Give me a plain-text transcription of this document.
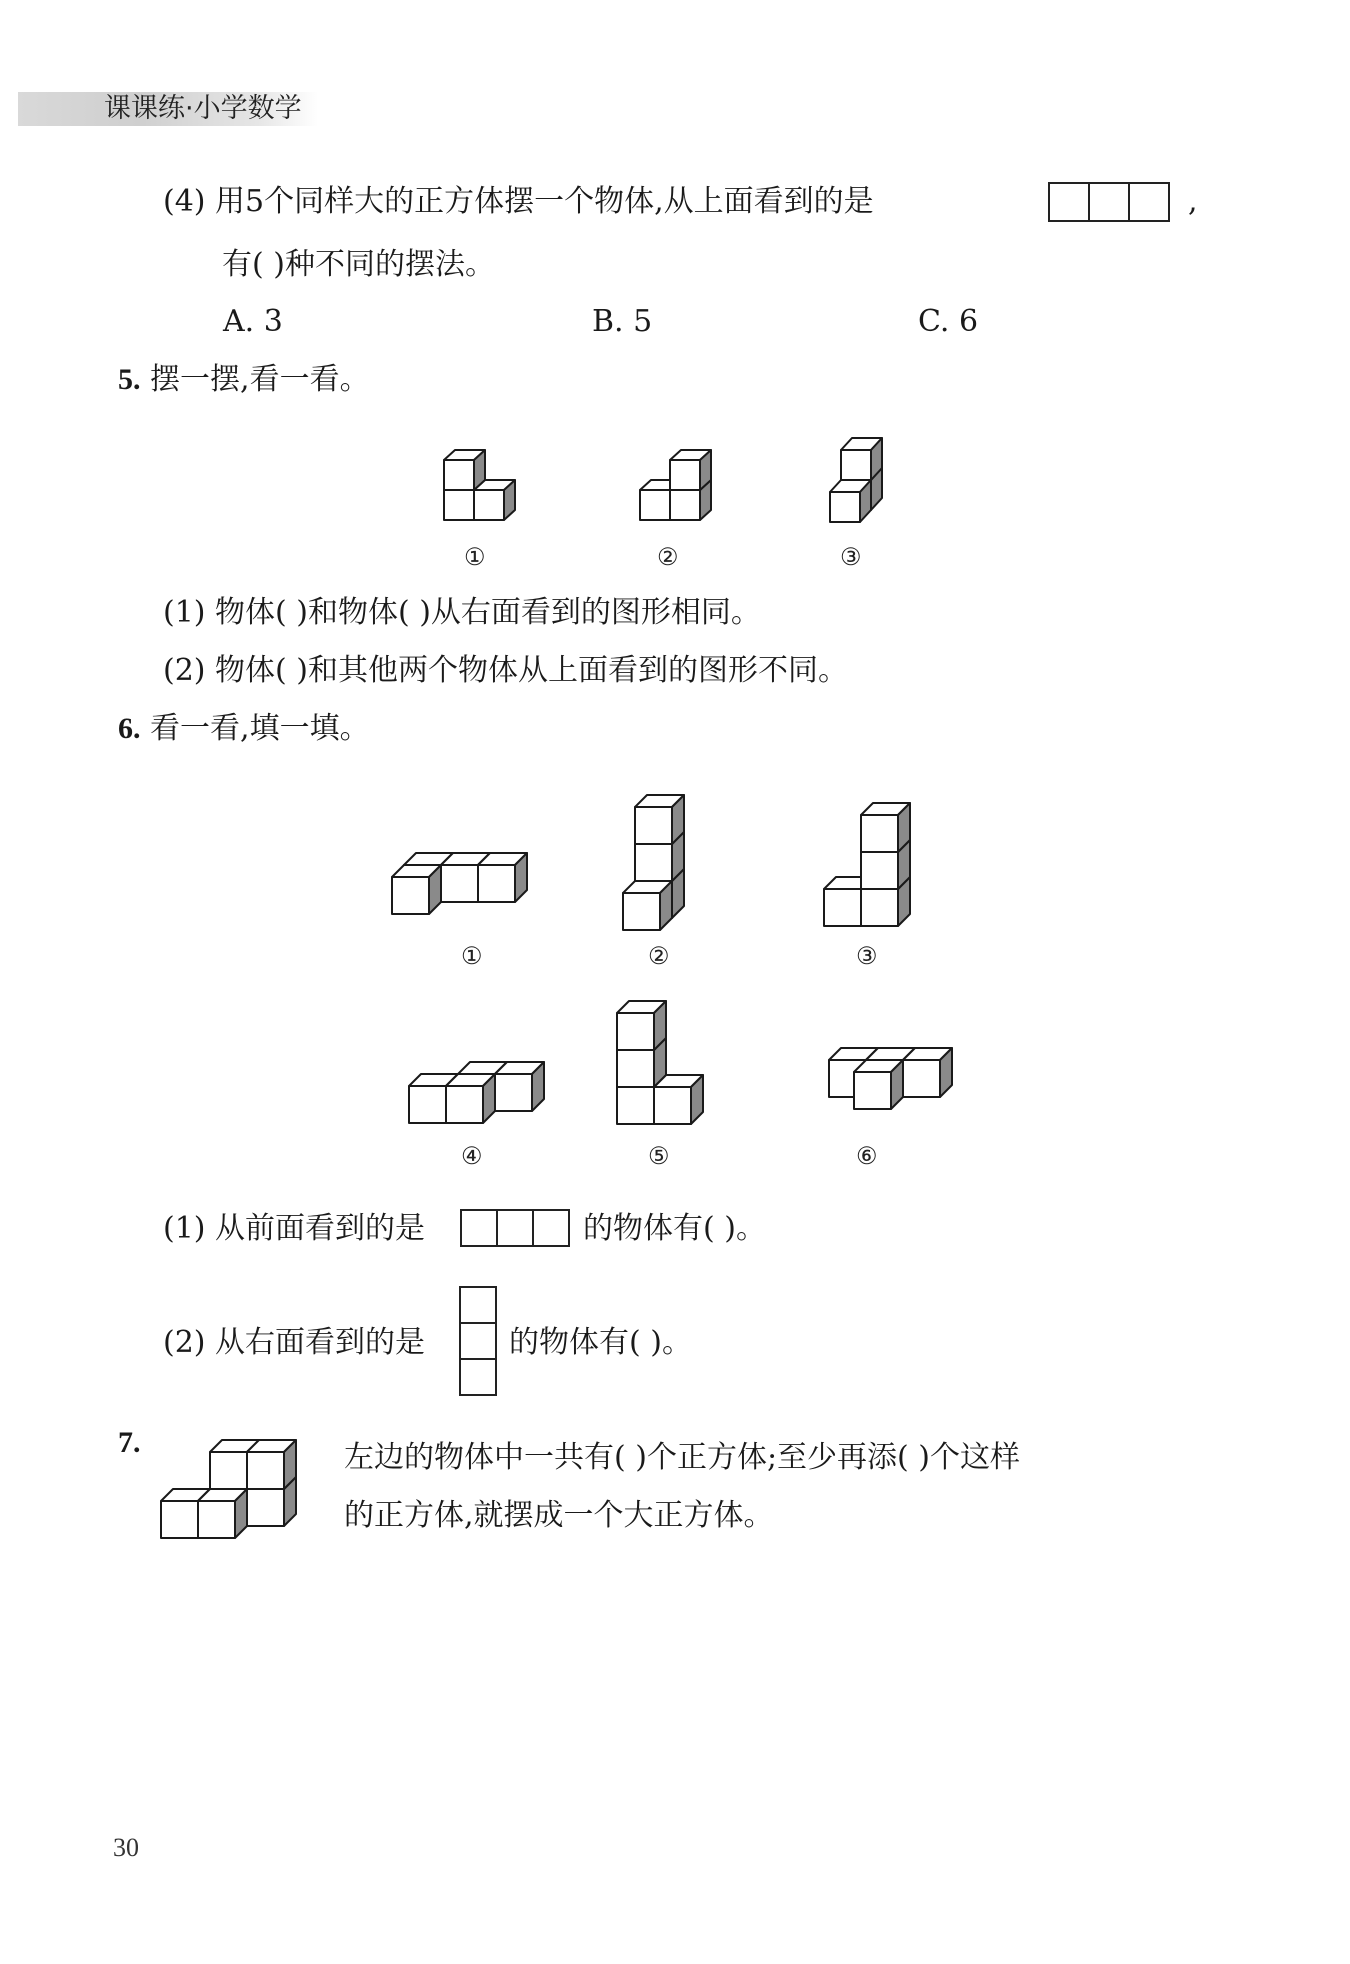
课课练·小学数学
(4) 用5个同样大的正方体摆一个物体,从上面看到的是	,
有( )种不同的摆法。
A. 3	B. 5	C. 6
5. 摆一摆,看一看。
①	②	③
(1) 物体( )和物体( )从右面看到的图形相同。
(2) 物体( )和其他两个物体从上面看到的图形不同。
6. 看一看,填一填。
①	②	③
④	⑤	⑥
(1) 从前面看到的是	的物体有( )。
(2) 从右面看到的是	的物体有( )。
7.	左边的物体中一共有( )个正方体;至少再添( )个这样
的正方体,就摆成一个大正方体。
30
